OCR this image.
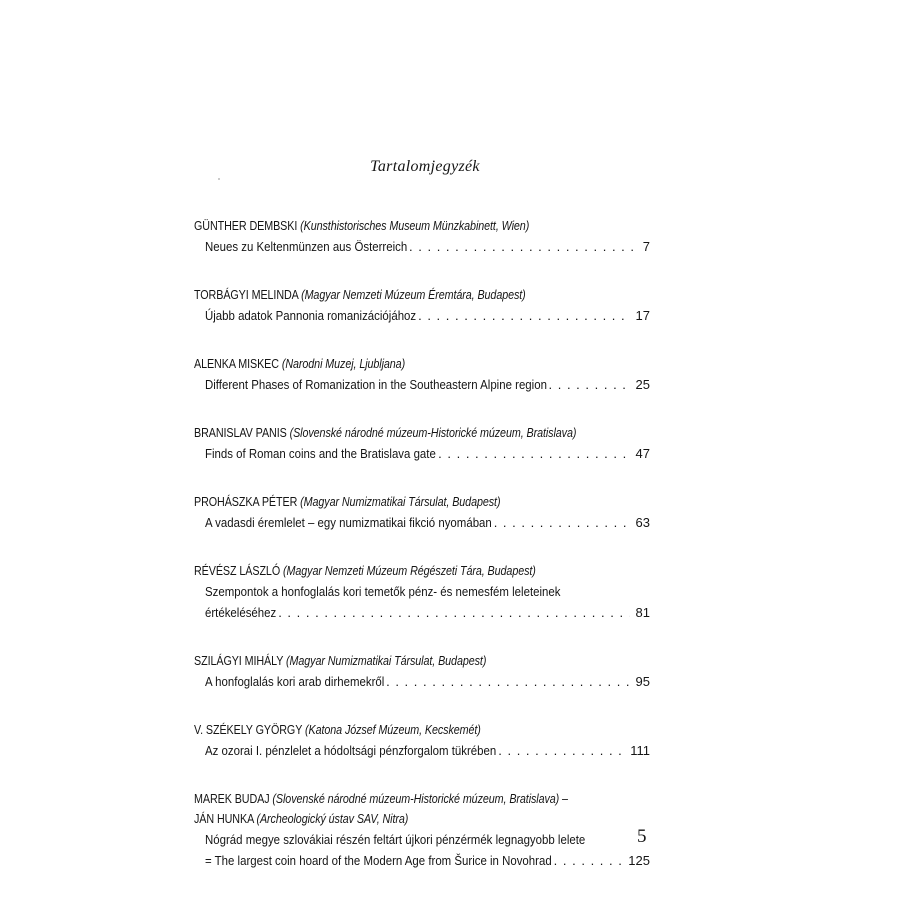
Tartalomjegyzék
GÜNTHER DEMBSKI (Kunsthistorisches Museum Münzkabinett, Wien)
Neues zu Keltenmünzen aus Österreich . . .	7
TORBÁGYI MELINDA (Magyar Nemzeti Múzeum Éremtára, Budapest)
Újabb adatok Pannonia romanizációjához . . .	17
ALENKA MISKEC (Narodni Muzej, Ljubljana)
Different Phases of Romanization in the Southeastern Alpine region . . .	25
BRANISLAV PANIS (Slovenské národné múzeum-Historické múzeum, Bratislava)
Finds of Roman coins and the Bratislava gate . . .	47
PROHÁSZKA PÉTER (Magyar Numizmatikai Társulat, Budapest)
A vadasdi éremlelet – egy numizmatikai fikció nyomában . . .	63
RÉVÉSZ LÁSZLÓ (Magyar Nemzeti Múzeum Régészeti Tára, Budapest)
Szempontok a honfoglalás kori temetők pénz- és nemesfém leleteinek
értékeléséhez . . .	81
SZILÁGYI MIHÁLY (Magyar Numizmatikai Társulat, Budapest)
A honfoglalás kori arab dirhemekről . . .	95
V. SZÉKELY GYÖRGY (Katona József Múzeum, Kecskemét)
Az ozorai I. pénzlelet a hódoltsági pénzforgalom tükrében . . .	111
MAREK BUDAJ (Slovenské národné múzeum-Historické múzeum, Bratislava) –
JÁN HUNKA (Archeologický ústav SAV, Nitra)
Nógrád megye szlovákiai részén feltárt újkori pénzérmék legnagyobb lelete
= The largest coin hoard of the Modern Age from Šurice in Novohrad . . .	125
5
